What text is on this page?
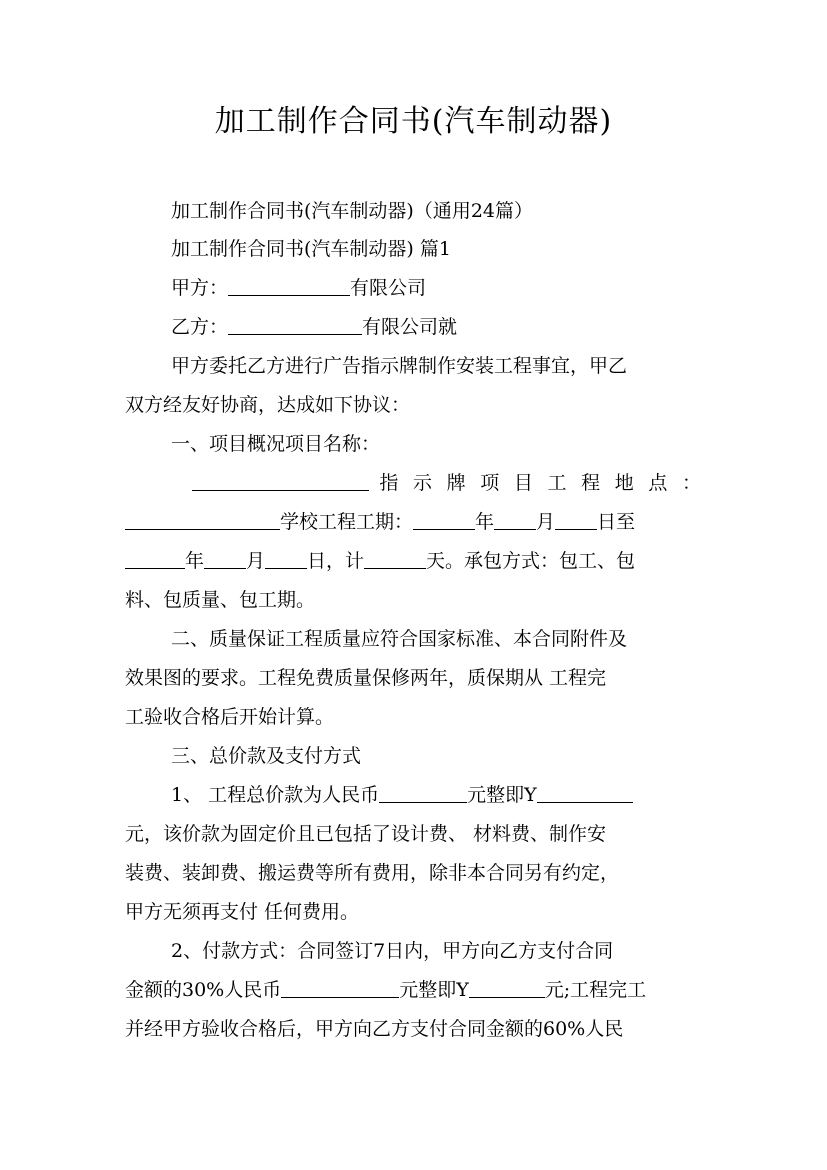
加工制作合同书(汽车制动器)
加工制作合同书(汽车制动器)（通用24篇）
加工制作合同书(汽车制动器) 篇1
甲方：	有限公司
乙方：	有限公司就
甲方委托乙方进行广告指示牌制作安装工程事宜，甲乙
双方经友好协商，达成如下协议：
一、项目概况项目名称：
指 示 牌 项 目 工 程 地 点 ：
学校工程工期：	年 月 日至
年 月 日，计	天。承包方式：包工、包
料、包质量、包工期。
二、质量保证工程质量应符合国家标准、本合同附件及
效果图的要求。工程免费质量保修两年，质保期从 工程完
工验收合格后开始计算。
三、总价款及支付方式
1、 工程总价款为人民币	元整即Y
元，该价款为固定价且已包括了设计费、 材料费、制作安
装费、装卸费、搬运费等所有费用，除非本合同另有约定，
甲方无须再支付 任何费用。
2、付款方式：合同签订7日内，甲方向乙方支付合同
金额的30%人民币	元整即Y	元;工程完工
并经甲方验收合格后，甲方向乙方支付合同金额的60%人民
